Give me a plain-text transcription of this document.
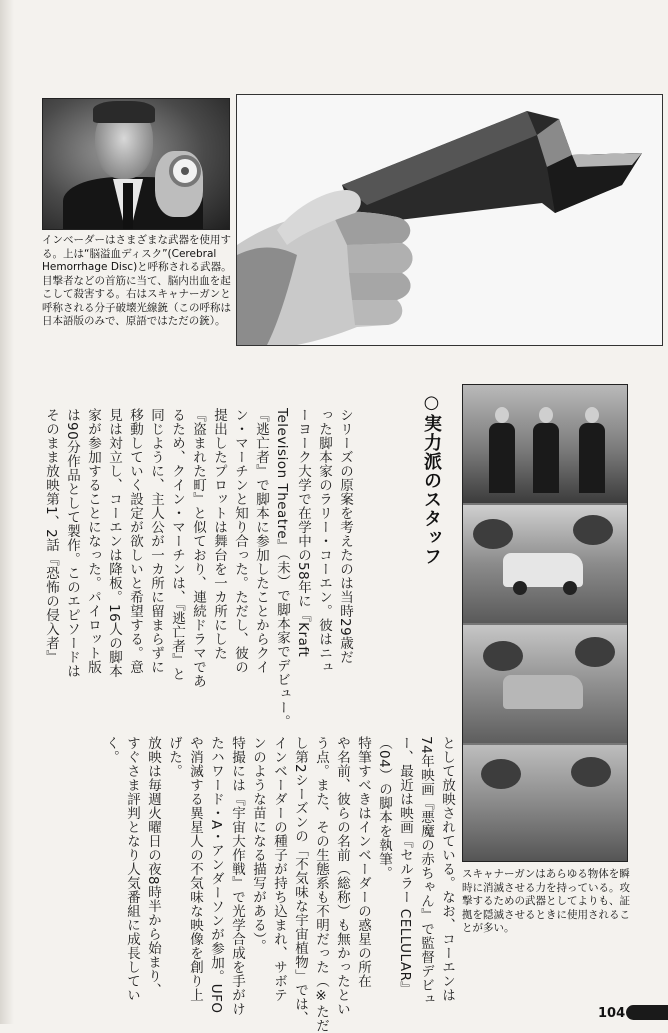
インベーダーはさまざまな武器を使用する。上は“脳溢血ディスク”(Cerebral Hemorrhage Disc)と呼称される武器。目撃者などの首筋に当て、脳内出血を起こして殺害する。右はスキャナーガンと呼称される分子破壊光線銃（この呼称は日本語版のみで、原語ではただの銃）。
スキャナーガンはあらゆる物体を瞬時に消滅させる力を持っている。攻撃するための武器としてよりも、証拠を隠滅させるときに使用されることが多い。
○実力派のスタッフ
シリーズの原案を考えたのは当時29歳だ
った脚本家のラリー・コーエン。彼はニュ
ーヨーク大学で在学中の58年に『Kraft
Television Theatre』（未）で脚本家でデビュー。
『逃亡者』で脚本に参加したことからクイ
ン・マーチンと知り合った。ただし、彼の
提出したプロットは舞台を一カ所にした
『盗まれた町』と似ており、連続ドラマであ
るため、クイン・マーチンは、『逃亡者』と
同じように、主人公が一カ所に留まらずに
移動していく設定が欲しいと希望する。意
見は対立し、コーエンは降板。16人の脚本
家が参加することになった。パイロット版
は90分作品として製作。このエピソードは
そのまま放映第1、2話『恐怖の侵入者』
として放映されている。なお、コーエンは
74年映画『悪魔の赤ちゃん』で監督デビュ
ー、最近は映画『セルラー CELLULAR』
（04）の脚本を執筆。
特筆すべきはインベーダーの惑星の所在
や名前、彼らの名前（総称）も無かったとい
う点。また、その生態系も不明だった（※ただ
し第2シーズンの「不気味な宇宙植物」では、
インベーダーの種子が持ち込まれ、サボテ
ンのような苗になる描写がある）。
特撮には『宇宙大作戦』で光学合成を手がけ
たハワード・A・アンダーソンが参加。UFO
や消滅する異星人の不気味な映像を創り上
げた。
放映は毎週火曜日の夜8時半から始まり、
すぐさま評判となり人気番組に成長してい
く。
104
